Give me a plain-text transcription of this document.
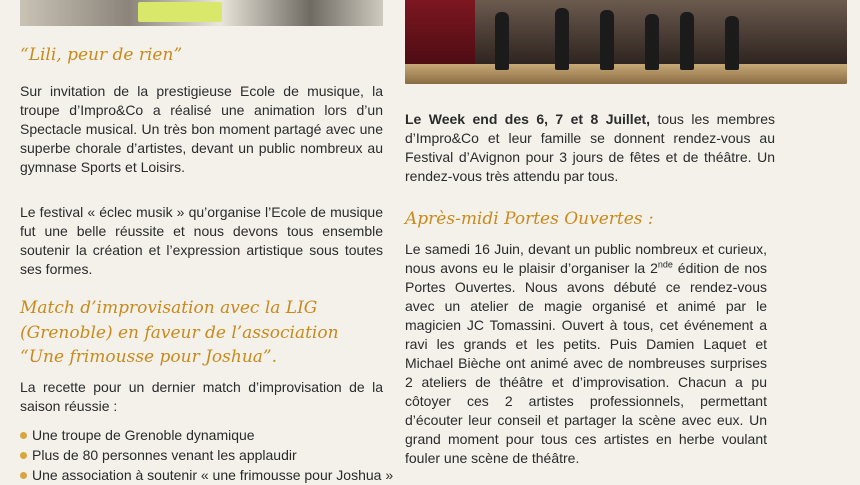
“Lili, peur de rien”

Sur invitation de la prestigieuse Ecole de musique, la troupe d’Impro&Co a réalisé une animation lors d’un Spectacle musical. Un très bon moment partagé avec une superbe chorale d’artistes, devant un public nombreux au gymnase Sports et Loisirs.

Le festival « éclec musik » qu’organise l’Ecole de musique fut une belle réussite et nous devons tous ensemble soutenir la création et l’expression artistique sous toutes ses formes.

Match d’improvisation avec la LIG
(Grenoble) en faveur de l’association
“Une frimousse pour Joshua”.

La recette pour un dernier match d’improvisation de la saison réussie :

Une troupe de Grenoble dynamique
Plus de 80 personnes venant les applaudir
Une association à soutenir « une frimousse pour Joshua »

Le Week end des 6, 7 et 8 Juillet, tous les membres d’Impro&Co et leur famille se donnent rendez-vous au Festival d’Avignon pour 3 jours de fêtes et de théâtre. Un rendez-vous très attendu par tous.

Après-midi Portes Ouvertes :

Le samedi 16 Juin, devant un public nombreux et curieux, nous avons eu le plaisir d’organiser la 2nde édition de nos Portes Ouvertes. Nous avons débuté ce rendez-vous avec un atelier de magie organisé et animé par le magicien JC Tomassini. Ouvert à tous, cet événement a ravi les grands et les petits. Puis Damien Laquet et Michael Bièche ont animé avec de nombreuses surprises 2 ateliers de théâtre et d’improvisation. Chacun a pu côtoyer ces 2 artistes professionnels, permettant d’écouter leur conseil et partager la scène avec eux. Un grand moment pour tous ces artistes en herbe voulant fouler une scène de théâtre.
